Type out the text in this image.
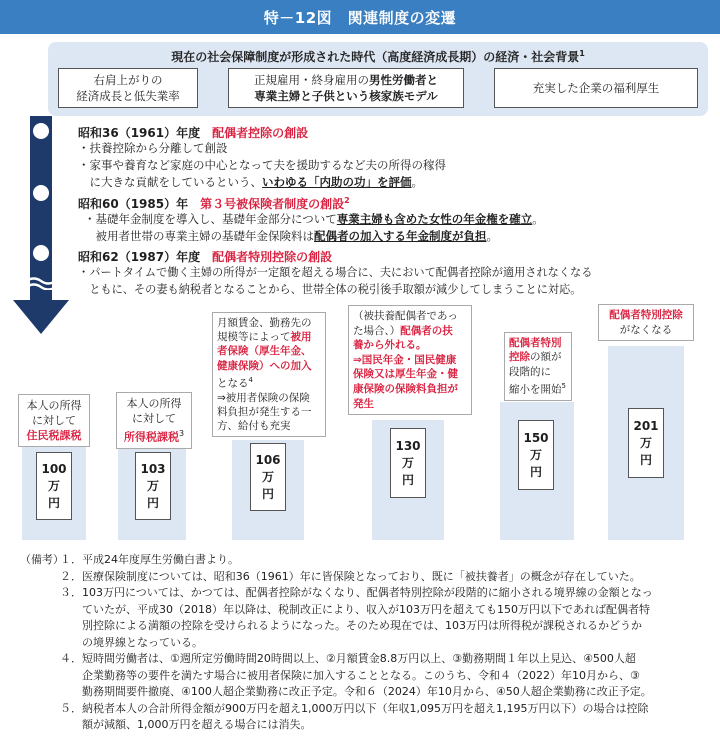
特－12図　関連制度の変遷
現在の社会保障制度が形成された時代（高度経済成長期）の経済・社会背景$^1$
右肩上がりの
経済成長と低失業率
正規雇用・終身雇用の男性労働者と
専業主婦と子供という核家族モデル
充実した企業の福利厚生
昭和36（1961）年度　 配偶者控除の創設
・扶養控除から分離して創設
・家事や養育など家庭の中心となって夫を援助するなど夫の所得の稼得
　に大きな貢献をしているという、いわゆる「内助の功」を評価。
昭和60（1985）年　 第３号被保険者制度の創設$^2$
・基礎年金制度を導入し、基礎年金部分について専業主婦も含めた女性の年金権を確立。
　被用者世帯の専業主婦の基礎年金保険料は配偶者の加入する年金制度が負担。
昭和62（1987）年度　 配偶者特別控除の創設
・パートタイムで働く主婦の所得が一定額を超える場合に、夫において配偶者控除が適用されなくなる
　ともに、その妻も納税者となることから、世帯全体の税引後手取額が減少してしまうことに対応。
本人の所得
に対して
住民税課税
100
万
円
本人の所得
に対して
所得税課税$^3$
103
万
円
月額賃金、勤務先の
規模等によって被用
者保険（厚生年金、
健康保険）への加入
となる$^4$
⇒被用者保険の保険
料負担が発生する一
方、給付も充実
106
万
円
（被扶養配偶者であっ
た場合、）配偶者の扶
養から外れる。
⇒国民年金・国民健康
保険又は厚生年金・健
康保険の保険料負担が
発生
130
万
円
配偶者特別
控除の額が
段階的に
縮小を開始$^5$
150
万
円
配偶者特別控除
がなくなる
201
万
円
（備考）
１． 平成24年度厚生労働白書より。
２． 医療保険制度については、昭和36（1961）年に皆保険となっており、既に「被扶養者」の概念が存在していた。
３． 103万円については、かつては、配偶者控除がなくなり、配偶者特別控除が段階的に縮小される境界線の金額となっ
ていたが、平成30（2018）年以降は、税制改正により、収入が103万円を超えても150万円以下であれば配偶者特
別控除による満額の控除を受けられるようになった。そのため現在では、103万円は所得税が課税されるかどうか
の境界線となっている。
４． 短時間労働者は、①週所定労働時間20時間以上、②月額賃金8.8万円以上、③勤務期間１年以上見込、④500人超
企業勤務等の要件を満たす場合に被用者保険に加入することとなる。このうち、令和４（2022）年10月から、③
勤務期間要件撤廃、④100人超企業勤務に改正予定。令和６（2024）年10月から、④50人超企業勤務に改正予定。
５． 納税者本人の合計所得金額が900万円を超え1,000万円以下（年収1,095万円を超え1,195万円以下）の場合は控除
額が減額、1,000万円を超える場合には消失。
